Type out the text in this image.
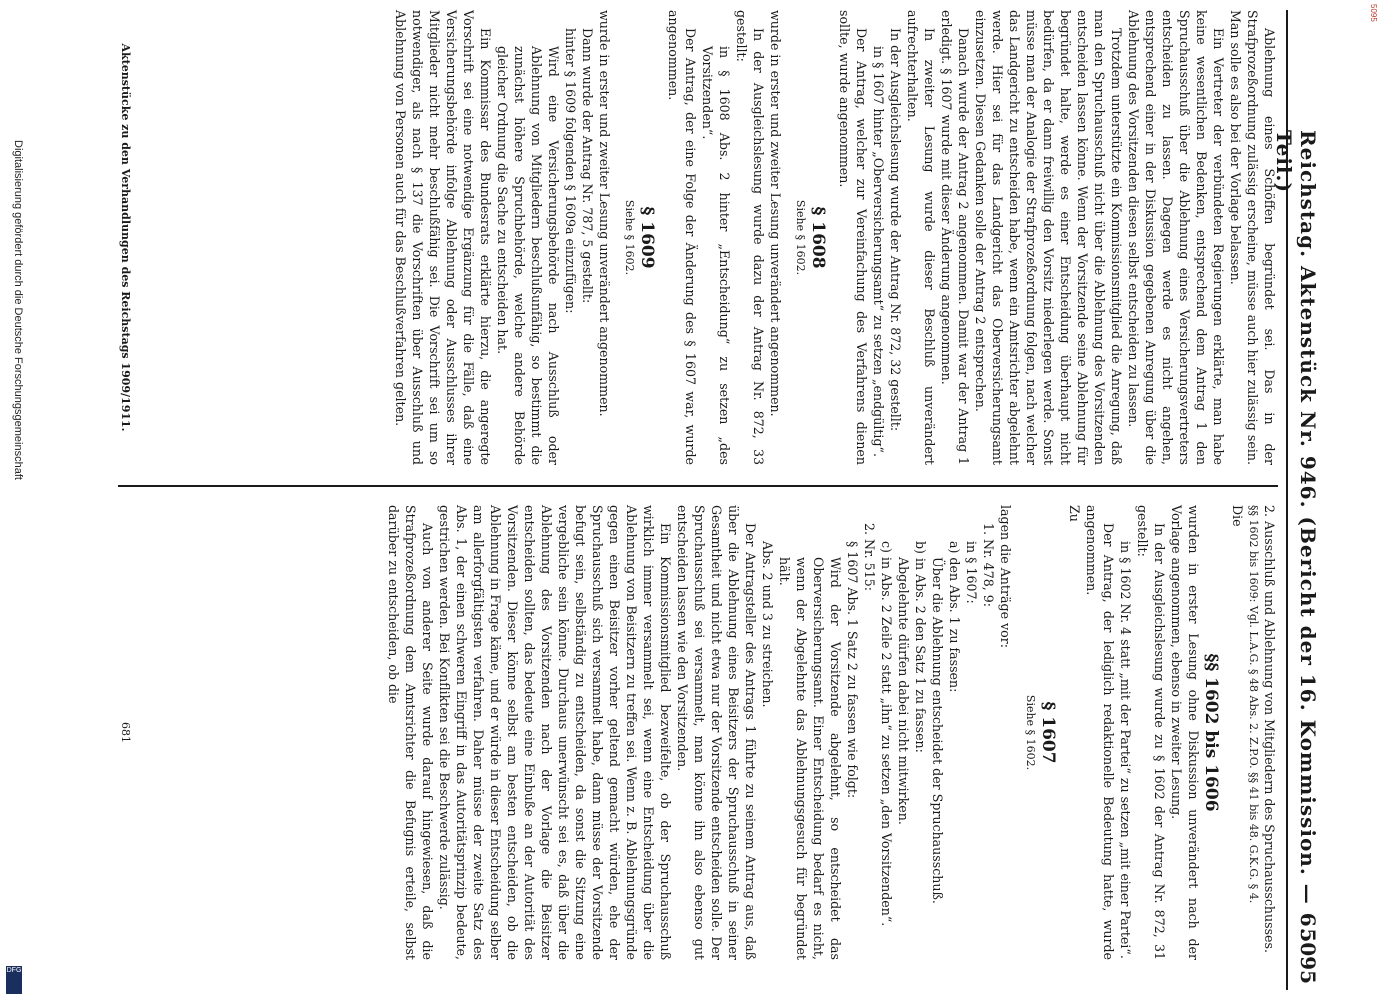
Digitalisierung gefördert durch die Deutsche Forschungsgemeinschaft
DFG
5095
Reichstag. Aktenstück Nr. 946. (Bericht der 16. Kommission. — 6. Teil.)
5095

2. Ausschluß und Ablehnung von Mitgliedern des Spruchausschusses.

§§ 1602 bis 1609: Vgl. L.A.G. § 48 Abs. 2. Z.P.O. §§ 41 bis 48. G.K.G. § 4.

Die

§§ 1602 bis 1606

wurden in erster Lesung ohne Diskussion unverändert nach der Vorlage angenommen, ebenso in zweiter Lesung.

In der Ausgleichslesung wurde zu § 1602 der Antrag Nr. 872, 31 gestellt:

in § 1602 Nr. 4 statt „mit der Partei“ zu setzen „mit einer Partei“.

Der Antrag, der lediglich redaktionelle Bedeutung hatte, wurde angenommen.

Zu

§ 1607

Siehe § 1602.

lagen die Anträge vor:

1. Nr. 478, 9:

in § 1607:

a) den Abs. 1 zu fassen:

Über die Ablehnung entscheidet der Spruchausschuß.

b) in Abs. 2 den Satz 1 zu fassen:

Abgelehnte dürfen dabei nicht mitwirken.

c) in Abs. 2 Zeile 2 statt „ihn“ zu setzen „den Vorsitzenden“.

2. Nr. 515:

§ 1607 Abs. 1 Satz 2 zu fassen wie folgt:

Wird der Vorsitzende abgelehnt, so entscheidet das Oberversicherungsamt. Einer Entscheidung bedarf es nicht, wenn der Abgelehnte das Ablehnungsgesuch für begründet hält.

Abs. 2 und 3 zu streichen.

Der Antragsteller des Antrags 1 führte zu seinem Antrag aus, daß über die Ablehnung eines Beisitzers der Spruchausschuß in seiner Gesamtheit und nicht etwa nur der Vorsitzende entscheiden solle. Der Spruchausschuß sei versammelt, man könne ihn also ebenso gut entscheiden lassen wie den Vorsitzenden.

Ein Kommissionsmitglied bezweifelte, ob der Spruchausschuß wirklich immer versammelt sei, wenn eine Entscheidung über die Ablehnung von Beisitzern zu treffen sei. Wenn z. B. Ablehnungsgründe gegen einen Beisitzer vorher geltend gemacht würden, ehe der Spruchausschuß sich versammelt habe, dann müsse der Vorsitzende befugt sein, selbständig zu entscheiden, da sonst die Sitzung eine vergebliche sein könne. Durchaus unerwünscht sei es, daß über die Ablehnung des Vorsitzenden nach der Vorlage die Beisitzer entscheiden sollten, das bedeute eine Einbuße an der Autorität des Vorsitzenden. Dieser könne selbst am besten entscheiden, ob die Ablehnung in Frage käme, und er würde in dieser Entscheidung selber am allerforgfältigsten verfahren. Daher müsse der zweite Satz des Abs. 1, der einen schweren Eingriff in das Autoritätsprinzip bedeute, gestrichen werden. Bei Konflikten sei die Beschwerde zulässig.

Auch von anderer Seite wurde darauf hingewiesen, daß die Strafprozeßordnung dem Amtsrichter die Befugnis erteile, selbst darüber zu entscheiden, ob die

Ablehnung eines Schöffen begründet sei. Das in der Strafprozeßordnung zulässig erscheine, müsse auch hier zulässig sein. Man solle es also bei der Vorlage belassen.

Ein Vertreter der verbündeten Regierungen erklärte, man habe keine wesentlichen Bedenken, entsprechend dem Antrag 1 den Spruchausschuß über die Ablehnung eines Versicherungsvertreters entscheiden zu lassen. Dagegen werde es nicht angehen, entsprechend einer in der Diskussion gegebenen Anregung über die Ablehnung des Vorsitzenden diesen selbst entscheiden zu lassen.

Trotzdem unterstützte ein Kommissionsmitglied die Anregung, daß man den Spruchausschuß nicht über die Ablehnung des Vorsitzenden entscheiden lassen könne. Wenn der Vorsitzende seine Ablehnung für begründet halte, werde es einer Entscheidung überhaupt nicht bedürfen, da er dann freiwillig den Vorsitz niederlegen werde. Sonst müsse man der Analogie der Strafprozeßordnung folgen, nach welcher das Landgericht zu entscheiden habe, wenn ein Amtsrichter abgelehnt werde. Hier sei für das Landgericht das Oberversicherungsamt einzusetzen. Diesen Gedanken solle der Antrag 2 entsprechen.

Danach wurde der Antrag 2 angenommen. Damit war der Antrag 1 erledigt. § 1607 wurde mit dieser Änderung angenommen.

In zweiter Lesung wurde dieser Beschluß unverändert aufrechterhalten.

In der Ausgleichslesung wurde der Antrag Nr. 872, 32 gestellt:

in § 1607 hinter „Oberversicherungsamt“ zu setzen „endgültig“.

Der Antrag, welcher zur Vereinfachung des Verfahrens dienen sollte, wurde angenommen.

§ 1608

Siehe § 1602.

wurde in erster und zweiter Lesung unverändert angenommen.

In der Ausgleichslesung wurde dazu der Antrag Nr. 872, 33 gestellt:

in § 1608 Abs. 2 hinter „Entscheidung“ zu setzen „des Vorsitzenden“.

Der Antrag, der eine Folge der Änderung des § 1607 war, wurde angenommen.

§ 1609

Siehe § 1602.

wurde in erster und zweiter Lesung unverändert angenommen.

Dann wurde der Antrag Nr. 787, 5 gestellt:

hinter § 1609 folgenden § 1609a einzufügen:

Wird eine Versicherungsbehörde nach Ausschluß oder Ablehnung von Mitgliedern beschlußunfähig, so bestimmt die zunächst höhere Spruchbehörde, welche andere Behörde gleicher Ordnung die Sache zu entscheiden hat.

Ein Kommissar des Bundesrats erklärte hierzu, die angeregte Vorschrift sei eine notwendige Ergänzung für die Fälle, daß eine Versicherungsbehörde infolge Ablehnung oder Ausschlusses ihrer Mitglieder nicht mehr beschlußfähig sei. Die Vorschrift sei um so notwendiger, als nach § 137 die Vorschriften über Ausschluß und Ablehnung von Personen auch für das Beschlußverfahren gelten.

Aktenstücke zu den Verhandlungen des Reichstags 1909/1911.
681
